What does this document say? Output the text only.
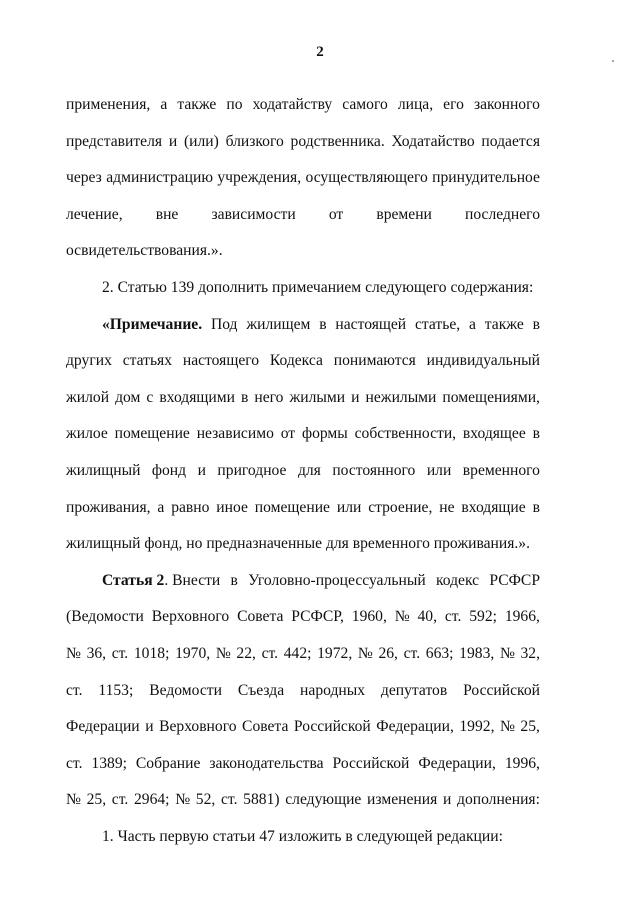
2
применения, а также по ходатайству самого лица, его законного
представителя и (или) близкого родственника. Ходатайство подается
через администрацию учреждения, осуществляющего принудительное
лечение, вне зависимости от времени последнего
освидетельствования.».
2. Статью 139 дополнить примечанием следующего содержания:
«Примечание. Под жилищем в настоящей статье, а также в
других статьях настоящего Кодекса понимаются индивидуальный
жилой дом с входящими в него жилыми и нежилыми помещениями,
жилое помещение независимо от формы собственности, входящее в
жилищный фонд и пригодное для постоянного или временного
проживания, а равно иное помещение или строение, не входящие в
жилищный фонд, но предназначенные для временного проживания.».
Статья 2. Внести в Уголовно-процессуальный кодекс РСФСР
(Ведомости Верховного Совета РСФСР, 1960, № 40, ст. 592; 1966,
№ 36, ст. 1018; 1970, № 22, ст. 442; 1972, № 26, ст. 663; 1983, № 32,
ст. 1153; Ведомости Съезда народных депутатов Российской
Федерации и Верховного Совета Российской Федерации, 1992, № 25,
ст. 1389; Собрание законодательства Российской Федерации, 1996,
№ 25, ст. 2964; № 52, ст. 5881) следующие изменения и дополнения:
1. Часть первую статьи 47 изложить в следующей редакции:
